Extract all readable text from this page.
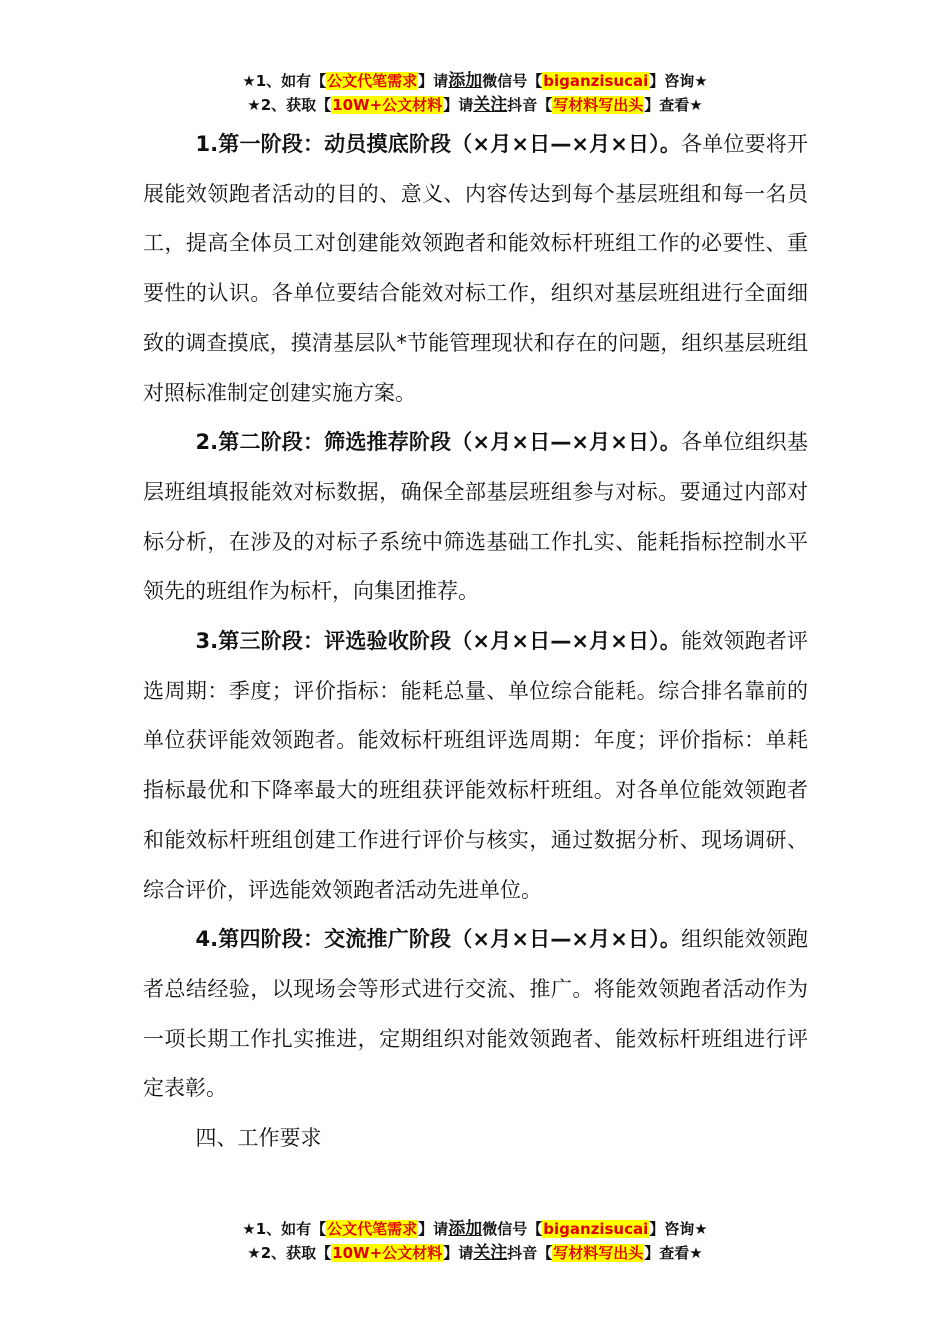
★1、如有【公文代笔需求】请添加微信号【biganzisucai】咨询★
★2、获取【10W+公文材料】请关注抖音【写材料写出头】查看★

1.第一阶段：动员摸底阶段（×月×日—×月×日）。各单位要将开展能效领跑者活动的目的、意义、内容传达到每个基层班组和每一名员工，提高全体员工对创建能效领跑者和能效标杆班组工作的必要性、重要性的认识。各单位要结合能效对标工作，组织对基层班组进行全面细致的调查摸底，摸清基层队*节能管理现状和存在的问题，组织基层班组对照标准制定创建实施方案。

2.第二阶段：筛选推荐阶段（×月×日—×月×日）。各单位组织基层班组填报能效对标数据，确保全部基层班组参与对标。要通过内部对标分析，在涉及的对标子系统中筛选基础工作扎实、能耗指标控制水平领先的班组作为标杆，向集团推荐。

3.第三阶段：评选验收阶段（×月×日—×月×日）。能效领跑者评选周期：季度；评价指标：能耗总量、单位综合能耗。综合排名靠前的单位获评能效领跑者。能效标杆班组评选周期：年度；评价指标：单耗指标最优和下降率最大的班组获评能效标杆班组。对各单位能效领跑者和能效标杆班组创建工作进行评价与核实，通过数据分析、现场调研、综合评价，评选能效领跑者活动先进单位。

4.第四阶段：交流推广阶段（×月×日—×月×日）。组织能效领跑者总结经验，以现场会等形式进行交流、推广。将能效领跑者活动作为一项长期工作扎实推进，定期组织对能效领跑者、能效标杆班组进行评定表彰。

四、工作要求

★1、如有【公文代笔需求】请添加微信号【biganzisucai】咨询★
★2、获取【10W+公文材料】请关注抖音【写材料写出头】查看★
